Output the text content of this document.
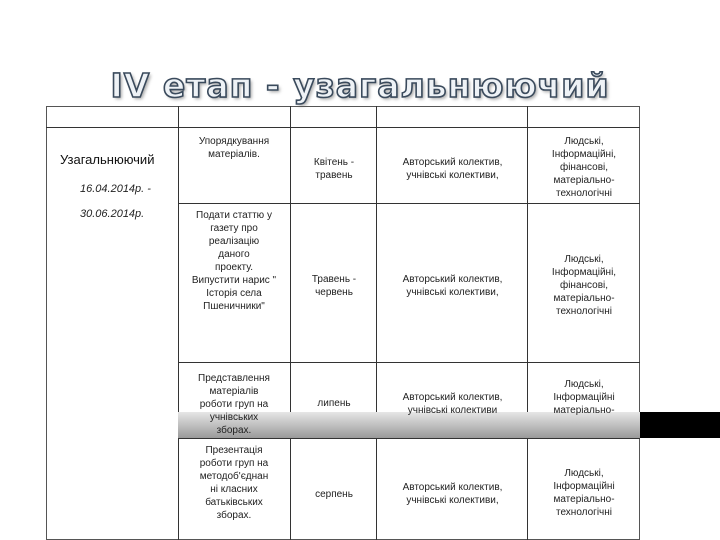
IV етап - узагальнюючий
Узагальнюючий
16.04.2014р. -
30.06.2014р.
Упорядкування
матеріалів.
Квітень -
травень
Авторський колектив,
учнівські колективи,
Людські,
Інформаційні,
фінансові,
матеріально-
технологічні
Подати статтю у
газету про
реалізацію
даного
проекту.
Випустити нарис "
Історія села
Пшеничники"
Травень -
червень
Авторський колектив,
учнівські колективи,
Людські,
Інформаційні,
фінансові,
матеріально-
технологічні
Представлення
матеріалів
роботи груп на
учнівських
зборах.
липень
Авторський колектив,
учнівські колективи
Людські,
Інформаційні
матеріально-
Презентація
роботи груп на
методоб'єднан
ні класних
батьківських
зборах.
серпень
Авторський колектив,
учнівські колективи,
Людські,
Інформаційні
матеріально-
технологічні
